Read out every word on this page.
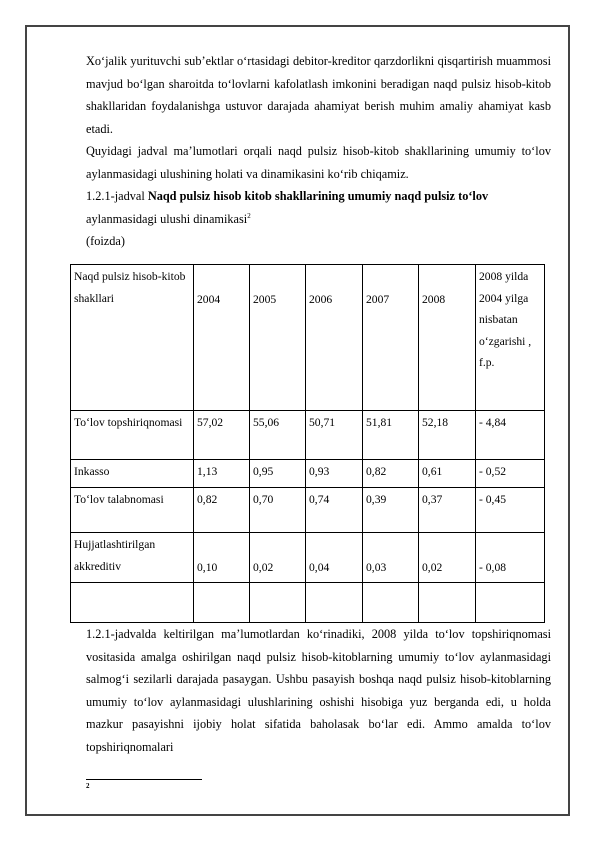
Xo‘jalik yurituvchi sub’ektlar o‘rtasidagi debitor-kreditor qarzdorlikni qisqartirish muammosi mavjud bo‘lgan sharoitda to‘lovlarni kafolatlash imkonini beradigan naqd pulsiz hisob-kitob shakllaridan foydalanishga ustuvor darajada ahamiyat berish muhim amaliy ahamiyat kasb etadi.

Quyidagi jadval ma’lumotlari orqali naqd pulsiz hisob-kitob shakllarining umumiy to‘lov aylanmasidagi ulushining holati va dinamikasini ko‘rib chiqamiz.

1.2.1-jadval Naqd pulsiz hisob kitob shakllarining umumiy naqd pulsiz to‘lov
aylanmasidagi ulushi dinamikasi$^2$

(foizda)

Naqd pulsiz hisob-kitob shakllari	2004	2005	2006	2007	2008	2008 yilda 2004 yilga nisbatan o‘zgarishi , f.p.
To‘lov topshiriqnomasi	57,02	55,06	50,71	51,81	52,18	- 4,84
Inkasso	1,13	0,95	0,93	0,82	0,61	- 0,52
To‘lov talabnomasi	0,82	0,70	0,74	0,39	0,37	- 0,45
Hujjatlashtirilgan akkreditiv	0,10	0,02	0,04	0,03	0,02	- 0,08

1.2.1-jadvalda keltirilgan ma’lumotlardan ko‘rinadiki, 2008 yilda to‘lov topshiriqnomasi vositasida amalga oshirilgan naqd pulsiz hisob-kitoblarning umumiy to‘lov aylanmasidagi salmog‘i sezilarli darajada pasaygan. Ushbu pasayish boshqa naqd pulsiz hisob-kitoblarning umumiy to‘lov aylanmasidagi ulushlarining oshishi hisobiga yuz berganda edi, u holda mazkur pasayishni ijobiy holat sifatida baholasak bo‘lar edi. Ammo amalda to‘lov topshiriqnomalari

2
